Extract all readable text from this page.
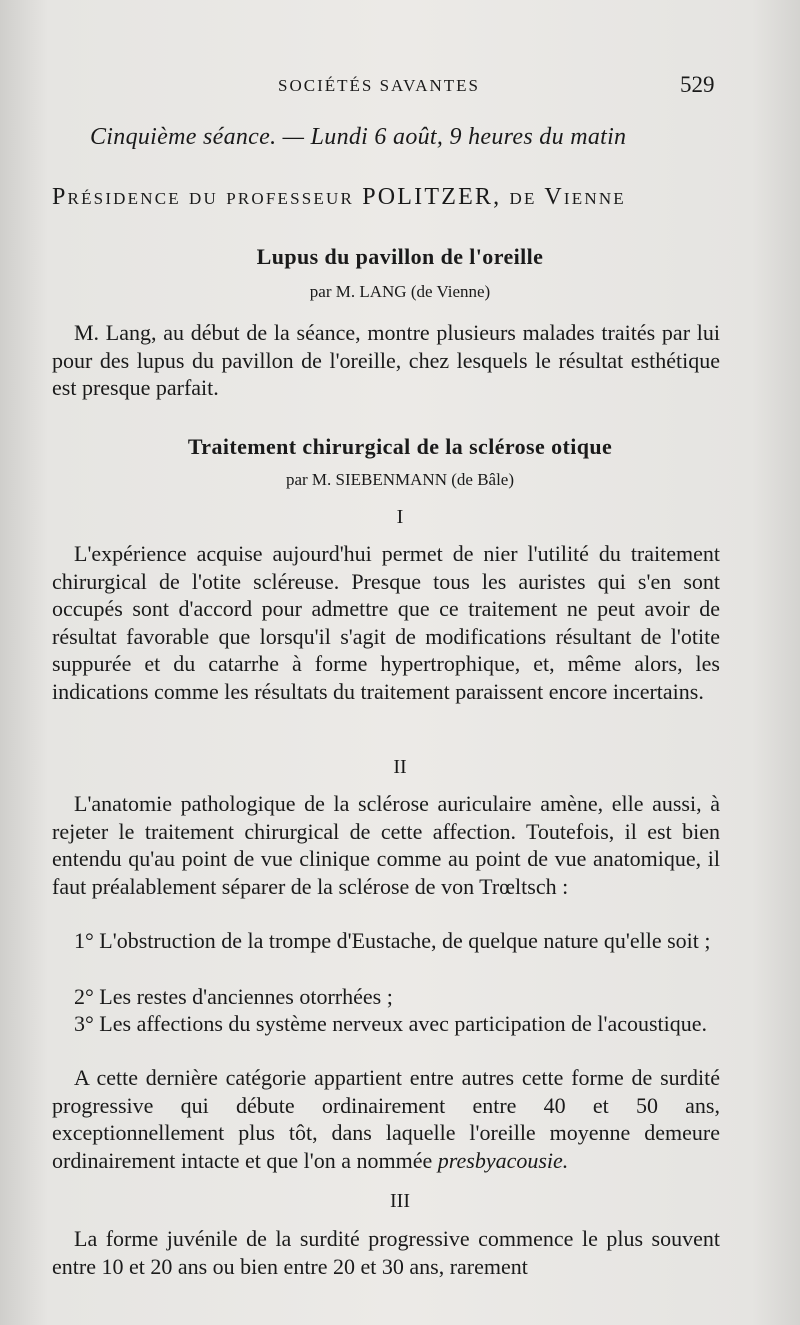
SOCIÉTÉS SAVANTES	529
Cinquième séance. — Lundi 6 août, 9 heures du matin
Présidence du professeur POLITZER, de Vienne
Lupus du pavillon de l'oreille
par M. LANG (de Vienne)
M. Lang, au début de la séance, montre plusieurs malades traités par lui pour des lupus du pavillon de l'oreille, chez lesquels le résultat esthétique est presque parfait.
Traitement chirurgical de la sclérose otique
par M. SIEBENMANN (de Bâle)
I
L'expérience acquise aujourd'hui permet de nier l'utilité du traitement chirurgical de l'otite scléreuse. Presque tous les auristes qui s'en sont occupés sont d'accord pour admettre que ce traitement ne peut avoir de résultat favorable que lorsqu'il s'agit de modifications résultant de l'otite suppurée et du catarrhe à forme hypertrophique, et, même alors, les indications comme les résultats du traitement paraissent encore incertains.
II
L'anatomie pathologique de la sclérose auriculaire amène, elle aussi, à rejeter le traitement chirurgical de cette affection. Toutefois, il est bien entendu qu'au point de vue clinique comme au point de vue anatomique, il faut préalablement séparer de la sclérose de von Trœltsch :
1° L'obstruction de la trompe d'Eustache, de quelque nature qu'elle soit ;
2° Les restes d'anciennes otorrhées ;
3° Les affections du système nerveux avec participation de l'acoustique.
A cette dernière catégorie appartient entre autres cette forme de surdité progressive qui débute ordinairement entre 40 et 50 ans, exceptionnellement plus tôt, dans laquelle l'oreille moyenne demeure ordinairement intacte et que l'on a nommée presbyacousie.
III
La forme juvénile de la surdité progressive commence le plus souvent entre 10 et 20 ans ou bien entre 20 et 30 ans, rarement
